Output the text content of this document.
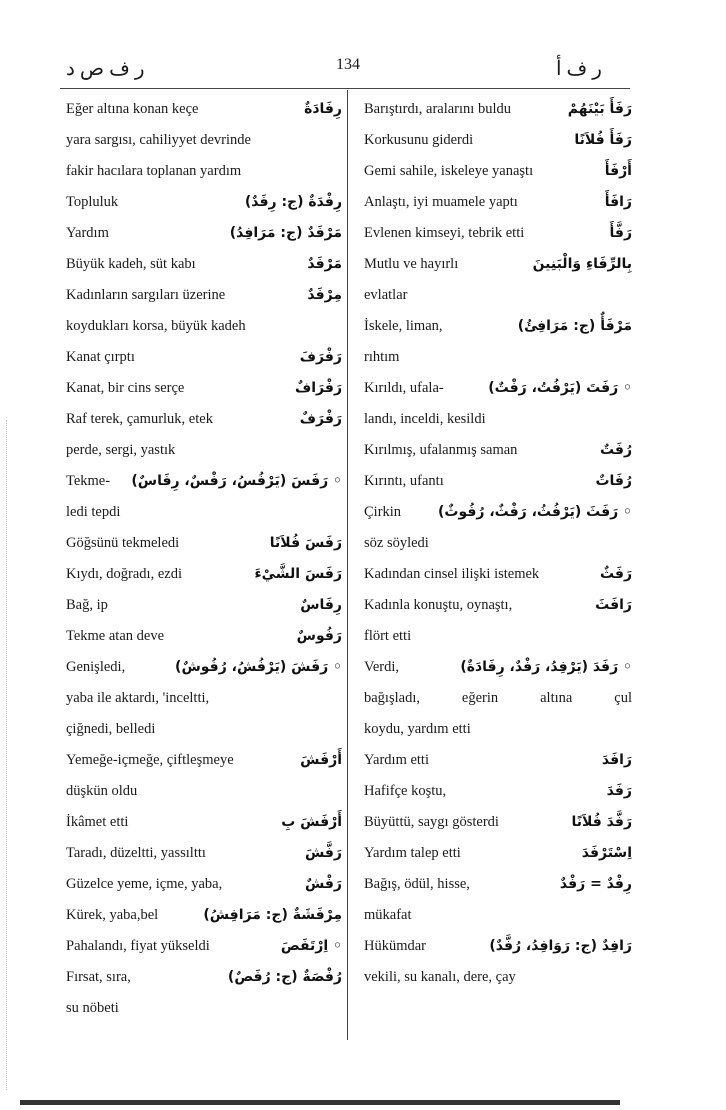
ر ف ص د	134	ر ف أ
Eğer altına konan keçe	رِفَادَةٌ
yara sargısı, cahiliyyet devrinde
fakir hacılara toplanan yardım
Topluluk	رِفْدَةٌ (ج: رِفَدٌ)
Yardım	مَرْفَدٌ (ج: مَرَافِدُ)
Büyük kadeh, süt kabı	مَرْفَدٌ
Kadınların sargıları üzerine	مِرْفَدٌ
koydukları korsa, büyük kadeh
Kanat çırptı	رَفْرَفَ
Kanat, bir cins serçe	رَفْرَافٌ
Raf terek, çamurluk, etek	رَفْرَفٌ
perde, sergi, yastık
Tekme-	◦ رَفَسَ (يَرْفُسُ، رَفْسٌ، رِفَاسٌ)
ledi tepdi
Göğsünü tekmeledi	رَفَسَ فُلاَنًا
Kıydı, doğradı, ezdi	رَفَسَ الشَّيْءَ
Bağ, ip	رِفَاسٌ
Tekme atan deve	رَفُوسٌ
Genişledi,	◦ رَفَشَ (يَرْفُشُ، رُفُوشٌ)
yaba ile aktardı, 'inceltti,
çiğnedi, belledi
Yemeğe-içmeğe, çiftleşmeye	أَرْفَشَ
düşkün oldu
İkâmet etti	أَرْفَشَ بِ
Taradı, düzeltti, yassılttı	رَفَّشَ
Güzelce yeme, içme, yaba,	رَفْشٌ
Kürek, yaba,bel	مِرْفَشَةٌ (ج: مَرَافِشُ)
Pahalandı, fiyat yükseldi	◦ اِرْتَفَصَ
Fırsat, sıra,	رُفْصَةٌ (ج: رُفَصٌ)
su nöbeti
Barıştırdı, aralarını buldu	رَفَأَ بَيْنَهُمْ
Korkusunu giderdi	رَفَأَ فُلاَنًا
Gemi sahile, iskeleye yanaştı	أَرْفَأَ
Anlaştı, iyi muamele yaptı	رَافَأَ
Evlenen kimseyi, tebrik etti	رَفَّأَ
Mutlu ve hayırlı	بِالرِّفَاءِ وَالْبَنِينَ
evlatlar
İskele, liman,	مَرْفَأٌ (ج: مَرَافِئُ)
rıhtım
Kırıldı, ufala-	◦ رَفَتَ (يَرْفُتُ، رَفْتٌ)
landı, inceldi, kesildi
Kırılmış, ufalanmış saman	رُفَتٌ
Kırıntı, ufantı	رُفَاتٌ
Çirkin	◦ رَفَثَ (يَرْفُثُ، رَفْثٌ، رُفُوثٌ)
söz söyledi
Kadından cinsel ilişki istemek	رَفَثٌ
Kadınla konuştu, oynaştı,	رَافَثَ
flört etti
Verdi,	◦ رَفَدَ (يَرْفِدُ، رَفْدٌ، رِفَادَةٌ)
bağışladı, eğerin altına çul
koydu, yardım etti
Yardım etti	رَافَدَ
Hafifçe koştu,	رَفَدَ
Büyüttü, saygı gösterdi	رَفَّدَ فُلاَنًا
Yardım talep etti	اِسْتَرْفَدَ
Bağış, ödül, hisse,	رِفْدٌ = رَفْدٌ
mükafat
Hükümdar	رَافِدٌ (ج: رَوَافِدُ، رُفَّدٌ)
vekili, su kanalı, dere, çay
